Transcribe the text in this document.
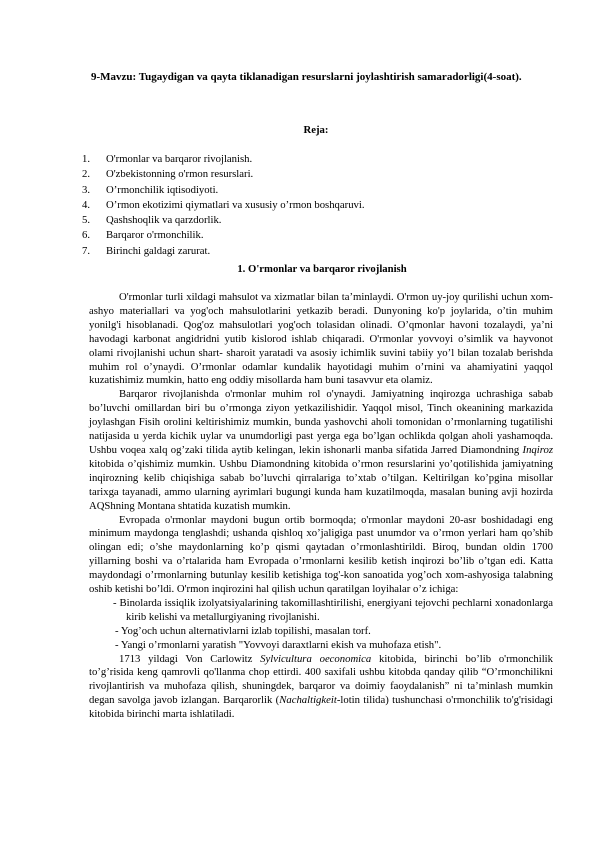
9-Mavzu: Tugaydigan va qayta tiklanadigan resurslarni joylashtirish samaradorligi(4-soat).
Reja:
1. O'rmonlar va barqaror rivojlanish.
2. O'zbekistonning o'rmon resurslari.
3. O’rmonchilik iqtisodiyoti.
4. O’rmon ekotizimi qiymatlari va xususiy o’rmon boshqaruvi.
5. Qashshoqlik va qarzdorlik.
6. Barqaror o'rmonchilik.
7. Birinchi galdagi zarurat.
1. O'rmonlar va barqaror rivojlanish

O'rmonlar turli xildagi mahsulot va xizmatlar bilan ta’minlaydi. O'rmon uy-joy qurilishi uchun xom-ashyo materiallari va yog'och mahsulotlarini yetkazib beradi. Dunyoning ko'p joylarida, o’tin muhim yonilg'i hisoblanadi. Qog'oz mahsulotlari yog'och tolasidan olinadi. O’qmonlar havoni tozalaydi, ya’ni havodagi karbonat angidridni yutib kislorod ishlab chiqaradi. O'rmonlar yovvoyi o’simlik va hayvonot olami rivojlanishi uchun shart- sharoit yaratadi va asosiy ichimlik suvini tabiiy yo’l bilan tozalab berishda muhim rol o’ynaydi. O’rmonlar odamlar kundalik hayotidagi muhim o’rnini va ahamiyatini yaqqol kuzatishimiz mumkin, hatto eng oddiy misollarda ham buni tasavvur eta olamiz.

Barqaror rivojlanishda o'rmonlar muhim rol o'ynaydi. Jamiyatning inqirozga uchrashiga sabab bo’luvchi omillardan biri bu o’rmonga ziyon yetkazilishidir. Yaqqol misol, Tinch okeanining markazida joylashgan Fisih orolini keltirishimiz mumkin, bunda yashovchi aholi tomonidan o’rmonlarning tugatilishi natijasida u yerda kichik uylar va unumdorligi past yerga ega bo’lgan ochlikda qolgan aholi yashamoqda. Ushbu voqea xalq og’zaki tilida aytib kelingan, lekin ishonarli manba sifatida Jarred Diamondning Inqiroz kitobida o’qishimiz mumkin. Ushbu Diamondning kitobida o’rmon resurslarini yo’qotilishida jamiyatning inqirozning kelib chiqishiga sabab bo’luvchi qirralariga to’xtab o’tilgan. Keltirilgan ko’pgina misollar tarixga tayanadi, ammo ularning ayrimlari bugungi kunda ham kuzatilmoqda, masalan buning avji hozirda AQShning Montana shtatida kuzatish mumkin.

Evropada o'rmonlar maydoni bugun ortib bormoqda; o'rmonlar maydoni 20-asr boshidadagi eng minimum maydonga tenglashdi; ushanda qishloq xo’jaligiga past unumdor va o’rmon yerlari ham qo’shib olingan edi; o’she maydonlarning ko’p qismi qaytadan o’rmonlashtirildi. Biroq, bundan oldin 1700 yillarning boshi va o’rtalarida ham Evropada o’rmonlarni kesilib ketish inqirozi bo’lib o’tgan edi. Katta maydondagi o’rmonlarning butunlay kesilib ketishiga tog'-kon sanoatida yog’och xom-ashyosiga talabning oshib ketishi bo’ldi. O'rmon inqirozini hal qilish uchun qaratilgan loyihalar o’z ichiga:

- Binolarda issiqlik izolyatsiyalarining takomillashtirilishi, energiyani tejovchi pechlarni xonadonlarga kirib kelishi va metallurgiyaning rivojlanishi.

- Yog’och uchun alternativlarni izlab topilishi, masalan torf.

- Yangi o’rmonlarni yaratish "Yovvoyi daraxtlarni ekish va muhofaza etish".

1713 yildagi Von Carlowitz Sylvicultura oeconomica kitobida, birinchi bo’lib o'rmonchilik to’g’risida keng qamrovli qo'llanma chop ettirdi. 400 saxifali ushbu kitobda qanday qilib “O’rmonchilikni rivojlantirish va muhofaza qilish, shuningdek, barqaror va doimiy faoydalanish” ni ta’minlash mumkin degan savolga javob izlangan. Barqarorlik (Nachaltigkeit-lotin tilida) tushunchasi o'rmonchilik to'g'risidagi kitobida birinchi marta ishlatiladi.
